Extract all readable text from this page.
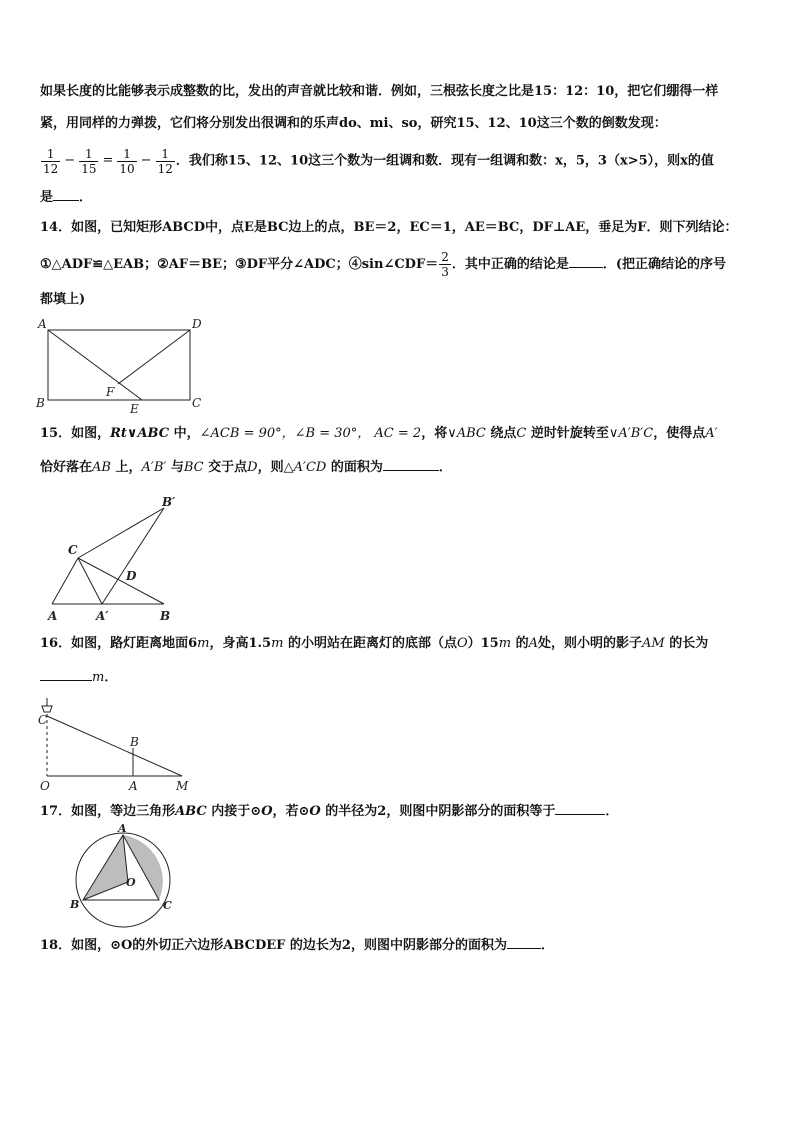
如果长度的比能够表示成整数的比，发出的声音就比较和谐．例如，三根弦长度之比是15：12：10，把它们绷得一样
紧，用同样的力弹拨，它们将分别发出很调和的乐声do、mi、so，研究15、12、10这三个数的倒数发现：
$\frac{1}{12} - \frac{1}{15} = \frac{1}{10} - \frac{1}{12}$ ．我们称15、12、10这三个数为一组调和数．现有一组调和数：x，5，3（x>5），则x的值
是 ．
14．如图，已知矩形ABCD中，点E是BC边上的点，BE＝2，EC＝1，AE＝BC，DF⊥AE，垂足为F．则下列结论：
①△ADF≌△EAB；②AF＝BE；③DF平分∠ADC；④sin∠CDF＝ $\frac{2}{3}$ ．其中正确的结论是	．(把正确结论的序号
都填上)
A	D
B	C
F
E
15．如图，Rt∨ABC 中，∠ACB = 90°，∠B = 30°， AC = 2，将∨ABC 绕点C 逆时针旋转至∨A′B′C，使得点A′
恰好落在AB 上，A′B′ 与BC 交于点D，则△A′CD 的面积为	．
B′
C
D
A	A′	B
16．如图，路灯距离地面6m，身高1.5m 的小明站在距离灯的底部（点O）15m 的A处，则小明的影子AM 的长为
m．
C
B
O	A	M
17．如图，等边三角形ABC 内接于⊙O，若⊙O 的半径为2，则图中阴影部分的面积等于	．
A
O
B	C
18．如图，⊙O的外切正六边形ABCDEF 的边长为2，则图中阴影部分的面积为	．
